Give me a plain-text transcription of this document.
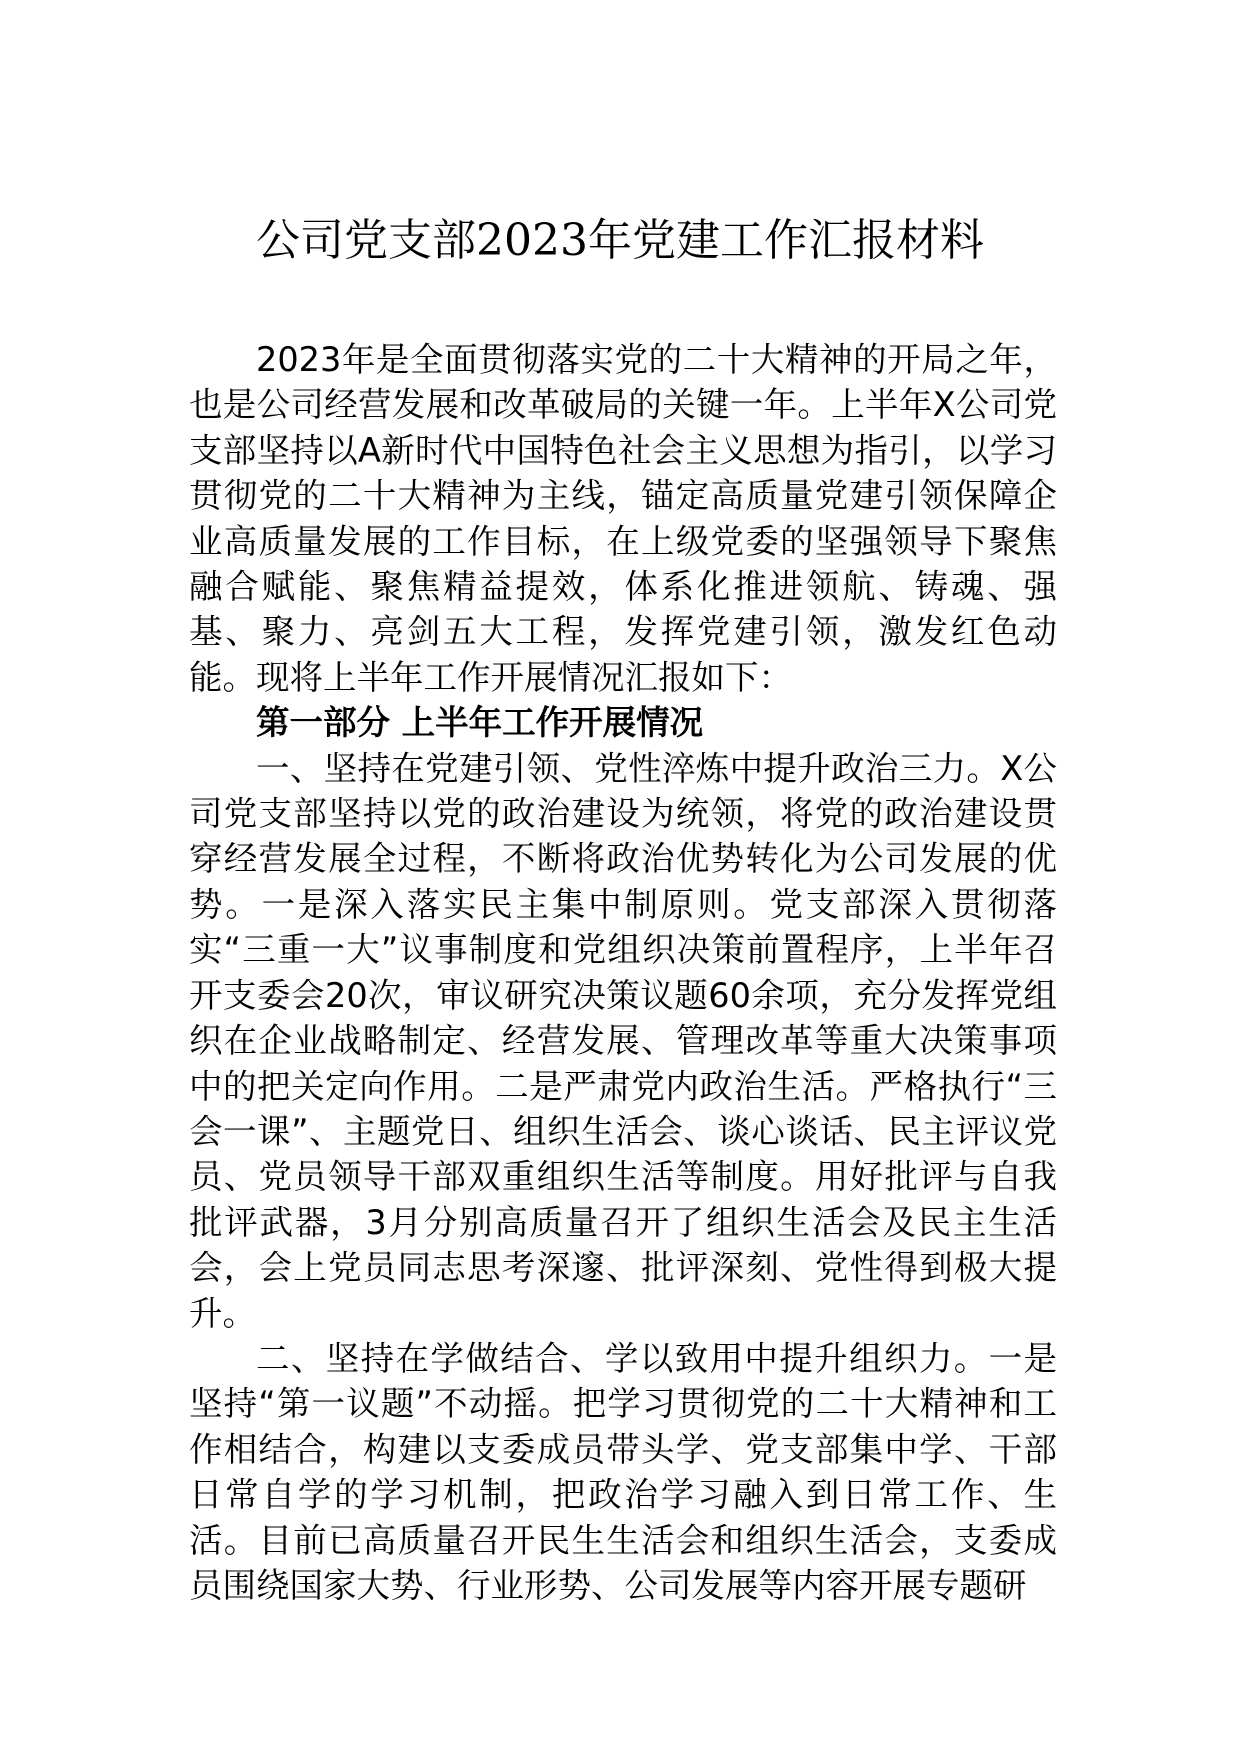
公司党支部2023年党建工作汇报材料

2023年是全面贯彻落实党的二十大精神的开局之年，也是公司经营发展和改革破局的关键一年。上半年X公司党支部坚持以A新时代中国特色社会主义思想为指引，以学习贯彻党的二十大精神为主线，锚定高质量党建引领保障企业高质量发展的工作目标，在上级党委的坚强领导下聚焦融合赋能、聚焦精益提效，体系化推进领航、铸魂、强基、聚力、亮剑五大工程，发挥党建引领，激发红色动能。现将上半年工作开展情况汇报如下：

第一部分 上半年工作开展情况

一、坚持在党建引领、党性淬炼中提升政治三力。X公司党支部坚持以党的政治建设为统领，将党的政治建设贯穿经营发展全过程，不断将政治优势转化为公司发展的优势。一是深入落实民主集中制原则。党支部深入贯彻落实“三重一大”议事制度和党组织决策前置程序，上半年召开支委会20次，审议研究决策议题60余项，充分发挥党组织在企业战略制定、经营发展、管理改革等重大决策事项中的把关定向作用。二是严肃党内政治生活。严格执行“三会一课”、主题党日、组织生活会、谈心谈话、民主评议党员、党员领导干部双重组织生活等制度。用好批评与自我批评武器，3月分别高质量召开了组织生活会及民主生活会，会上党员同志思考深邃、批评深刻、党性得到极大提升。

二、坚持在学做结合、学以致用中提升组织力。一是坚持“第一议题”不动摇。把学习贯彻党的二十大精神和工作相结合，构建以支委成员带头学、党支部集中学、干部日常自学的学习机制，把政治学习融入到日常工作、生活。目前已高质量召开民生生活会和组织生活会，支委成员围绕国家大势、行业形势、公司发展等内容开展专题研
